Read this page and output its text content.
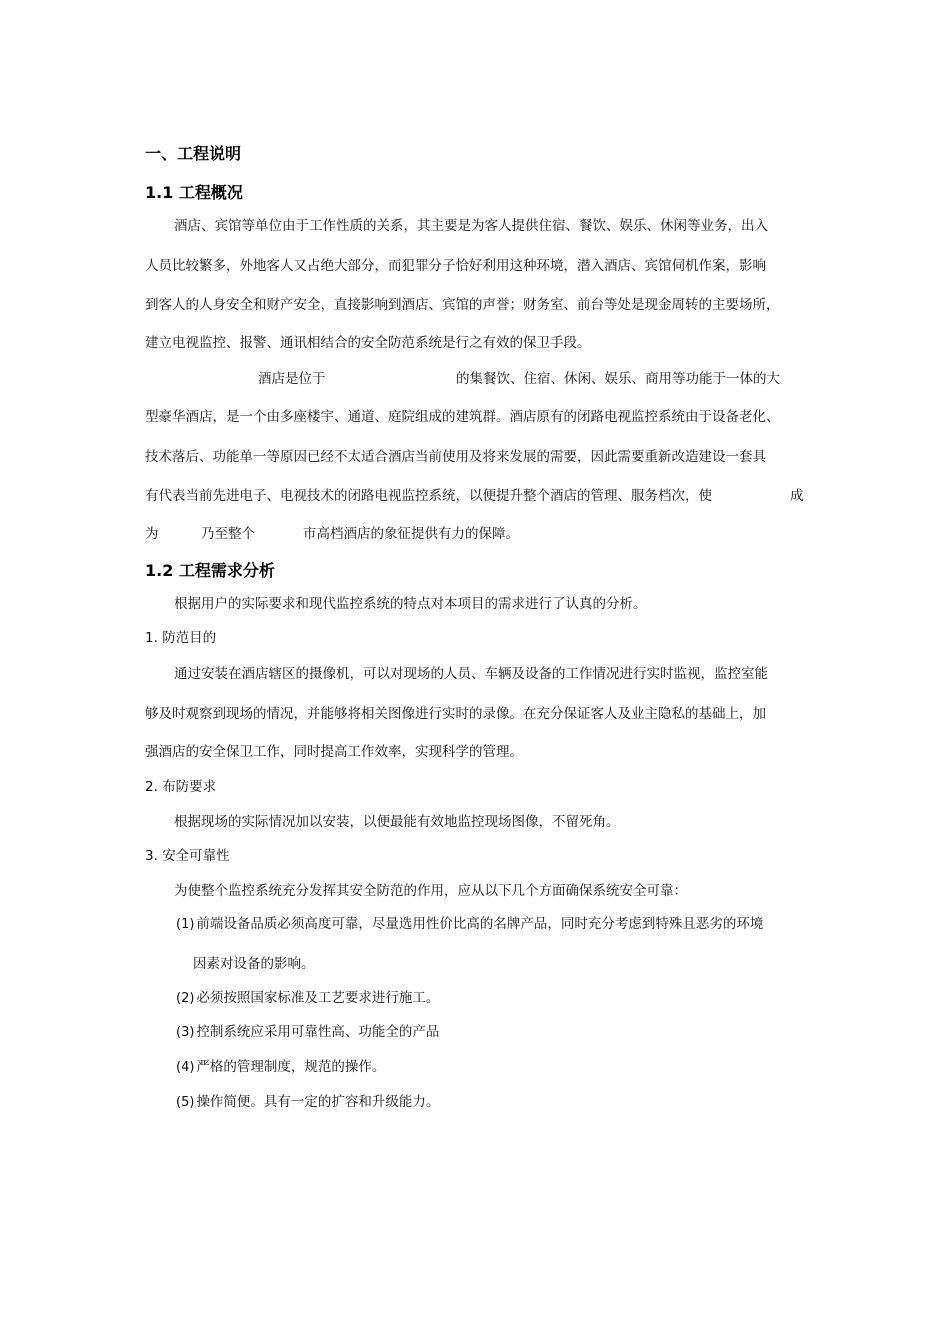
一、工程说明
1.1 工程概况
酒店、宾馆等单位由于工作性质的关系，其主要是为客人提供住宿、餐饮、娱乐、休闲等业务，出入
人员比较繁多，外地客人又占绝大部分，而犯罪分子恰好利用这种环境，潜入酒店、宾馆伺机作案，影响
到客人的人身安全和财产安全，直接影响到酒店、宾馆的声誉；财务室、前台等处是现金周转的主要场所，
建立电视监控、报警、通讯相结合的安全防范系统是行之有效的保卫手段。
酒店是位于	的集餐饮、住宿、休闲、娱乐、商用等功能于一体的大
型豪华酒店，是一个由多座楼宇、通道、庭院组成的建筑群。酒店原有的闭路电视监控系统由于设备老化、
技术落后、功能单一等原因已经不太适合酒店当前使用及将来发展的需要，因此需要重新改造建设一套具
有代表当前先进电子、电视技术的闭路电视监控系统，以便提升整个酒店的管理、服务档次，使	成
为	乃至整个	市高档酒店的象征提供有力的保障。
1.2 工程需求分析
根据用户的实际要求和现代监控系统的特点对本项目的需求进行了认真的分析。
1. 防范目的
通过安装在酒店辖区的摄像机，可以对现场的人员、车辆及设备的工作情况进行实时监视，监控室能
够及时观察到现场的情况，并能够将相关图像进行实时的录像。在充分保证客人及业主隐私的基础上，加
强酒店的安全保卫工作，同时提高工作效率，实现科学的管理。
2. 布防要求
根据现场的实际情况加以安装，以便最能有效地监控现场图像，不留死角。
3. 安全可靠性
为使整个监控系统充分发挥其安全防范的作用，应从以下几个方面确保系统安全可靠：
(1) 前端设备品质必须高度可靠，尽量选用性价比高的名牌产品，同时充分考虑到特殊且恶劣的环境
因素对设备的影响。
(2) 必须按照国家标准及工艺要求进行施工。
(3) 控制系统应采用可靠性高、功能全的产品
(4) 严格的管理制度，规范的操作。
(5) 操作简便。具有一定的扩容和升级能力。
